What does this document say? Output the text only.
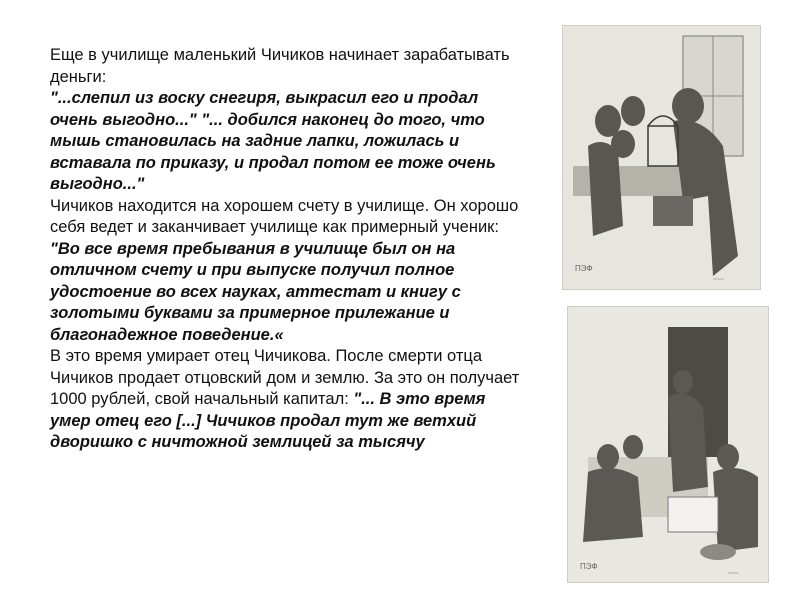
Еще в училище маленький Чичиков начинает зарабатывать деньги:
"...слепил из воску снегиря, выкрасил его и продал очень выгодно..." "... добился наконец до того, что мышь становилась на задние лапки, ложилась и вставала по приказу, и продал потом ее тоже очень выгодно..."

Чичиков находится на хорошем счету в училище. Он хорошо себя ведет и заканчивает училище как примерный ученик:
"Во все время пребывания в училище был он на отличном счету и при выпуске получил полное удостоение во всех науках, аттестат и книгу с золотыми буквами за примерное прилежание и благонадежное поведение.«

В это время умирает отец Чичикова. После смерти отца Чичиков продает отцовский дом и землю. За это он получает 1000 рублей, свой начальный капитал: "... В это время умер отец его [...] Чичиков продал тут же ветхий дворишко с ничтожной землицей за тысячу

ПЭФ
~~~
ПЭФ
~~~
